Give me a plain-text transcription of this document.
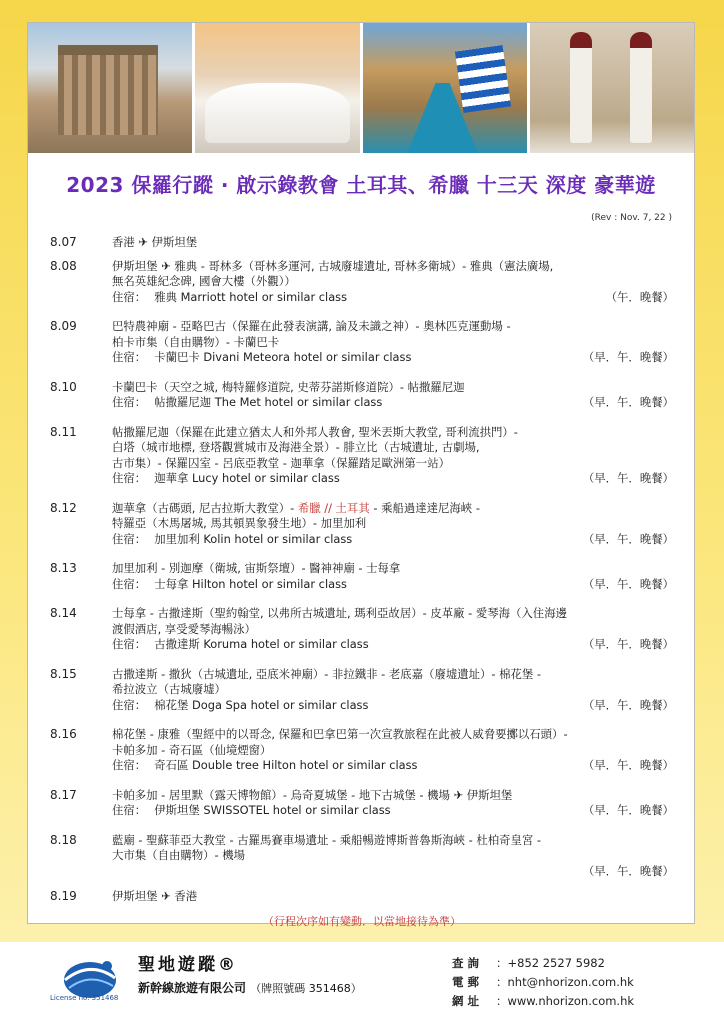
2023 保羅行蹤 · 啟示錄教會 土耳其、希臘 十三天 深度 豪華遊
(Rev : Nov. 7, 22 )
8.07	香港 ✈ 伊斯坦堡
8.08	伊斯坦堡 ✈ 雅典 - 哥林多（哥林多運河, 古城廢墟遺址, 哥林多衛城）- 雅典（憲法廣場,
無名英雄紀念碑, 國會大樓（外觀））
住宿： 雅典 Marriott hotel or similar class	（午．晚餐）
8.09	巴特農神廟 - 亞略巴古（保羅在此發表演講, 論及未識之神）- 奧林匹克運動場 -
柏卡市集（自由購物）- 卡蘭巴卡
住宿： 卡蘭巴卡 Divani Meteora hotel or similar class	（早．午．晚餐）
8.10	卡蘭巴卡（天空之城, 梅特羅修道院, 史蒂芬諾斯修道院）- 帖撒羅尼迦
住宿： 帖撒羅尼迦 The Met hotel or similar class	（早．午．晚餐）
8.11	帖撒羅尼迦（保羅在此建立猶太人和外邦人教會, 聖米丟斯大教堂, 哥利流拱門）-
白塔（城市地標, 登塔觀賞城市及海港全景）- 腓立比（古城遺址, 古劇場,
古市集）- 保羅囚室 - 呂底亞教堂 - 迦華拿（保羅踏足歐洲第一站）
住宿： 迦華拿 Lucy hotel or similar class	（早．午．晚餐）
8.12	迦華拿（古碼頭, 尼古拉斯大教堂）- 希臘 // 土耳其 - 乘船過達達尼海峽 -
特羅亞（木馬屠城, 馬其頓異象發生地）- 加里加利
住宿： 加里加利 Kolin hotel or similar class	（早．午．晚餐）
8.13	加里加利 - 別迦摩（衛城, 宙斯祭壇）- 醫神神廟 - 士每拿
住宿： 士每拿 Hilton hotel or similar class	（早．午．晚餐）
8.14	士每拿 - 古撒達斯（聖約翰堂, 以弗所古城遺址, 瑪利亞故居）- 皮革廠 - 愛琴海（入住海邊
渡假酒店, 享受愛琴海暢泳）
住宿： 古撒達斯 Koruma hotel or similar class	（早．午．晚餐）
8.15	古撒達斯 - 撒狄（古城遺址, 亞底米神廟）- 非拉鐵非 - 老底嘉（廢墟遺址）- 棉花堡 -
希拉波立（古城廢墟）
住宿： 棉花堡 Doga Spa hotel or similar class	（早．午．晚餐）
8.16	棉花堡 - 康雅（聖經中的以哥念, 保羅和巴拿巴第一次宣教旅程在此被人威脅要擲以石頭）-
卡帕多加 - 奇石區（仙境煙窗）
住宿： 奇石區 Double tree Hilton hotel or similar class	（早．午．晚餐）
8.17	卡帕多加 - 居里默（露天博物館）- 烏奇夏城堡 - 地下古城堡 - 機場 ✈ 伊斯坦堡
住宿： 伊斯坦堡 SWISSOTEL hotel or similar class	（早．午．晚餐）
8.18	藍廟 - 聖蘇菲亞大教堂 - 古羅馬賽車場遺址 - 乘船暢遊博斯普魯斯海峽 - 杜柏奇皇宮 -
大市集（自由購物）- 機場
（早．午．晚餐）
8.19	伊斯坦堡 ✈ 香港
（行程次序如有變動．以當地接待為準）
License no. 351468
聖地遊蹤®
新幹線旅遊有限公司 （牌照號碼 351468）
查詢 ：+852 2527 5982
電郵 ：nht@nhorizon.com.hk
網址 ：www.nhorizon.com.hk
